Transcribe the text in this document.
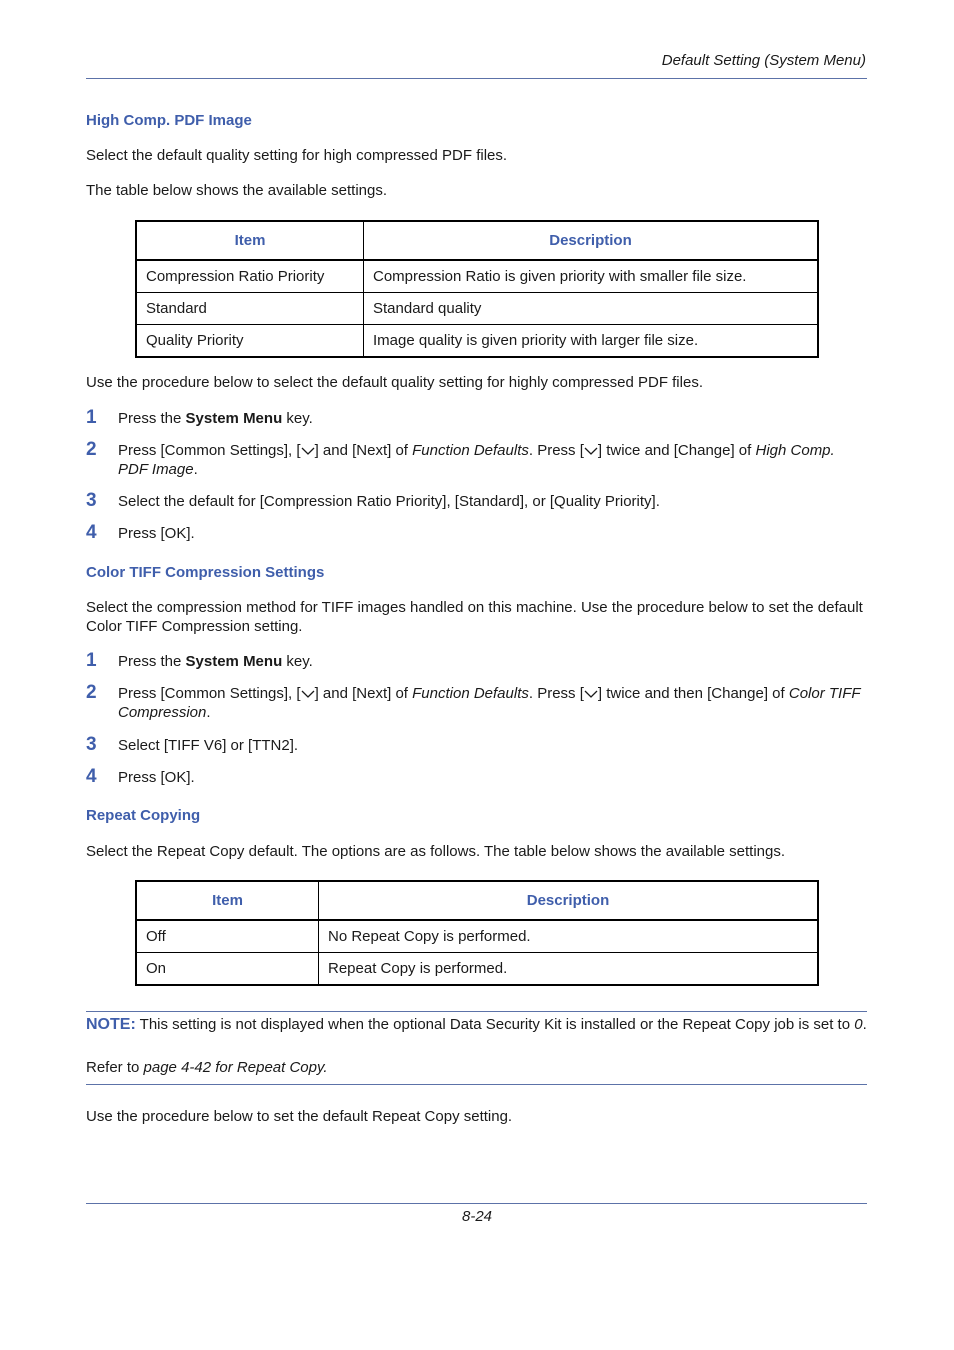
Default Setting (System Menu)
High Comp. PDF Image
Select the default quality setting for high compressed PDF files.
The table below shows the available settings.
Item	Description
Compression Ratio Priority	Compression Ratio is given priority with smaller file size.
Standard	Standard quality
Quality Priority	Image quality is given priority with larger file size.
Use the procedure below to select the default quality setting for highly compressed PDF files.
1 Press the System Menu key.
2 Press [Common Settings], [ ] and [Next] of Function Defaults. Press [ ] twice and [Change] of High Comp. PDF Image.
3 Select the default for [Compression Ratio Priority], [Standard], or [Quality Priority].
4 Press [OK].
Color TIFF Compression Settings
Select the compression method for TIFF images handled on this machine. Use the procedure below to set the default Color TIFF Compression setting.
1 Press the System Menu key.
2 Press [Common Settings], [ ] and [Next] of Function Defaults. Press [ ] twice and then [Change] of Color TIFF Compression.
3 Select [TIFF V6] or [TTN2].
4 Press [OK].
Repeat Copying
Select the Repeat Copy default. The options are as follows. The table below shows the available settings.
Item	Description
Off	No Repeat Copy is performed.
On	Repeat Copy is performed.
NOTE: This setting is not displayed when the optional Data Security Kit is installed or the Repeat Copy job is set to 0.
Refer to page 4-42 for Repeat Copy.
Use the procedure below to set the default Repeat Copy setting.
8-24
